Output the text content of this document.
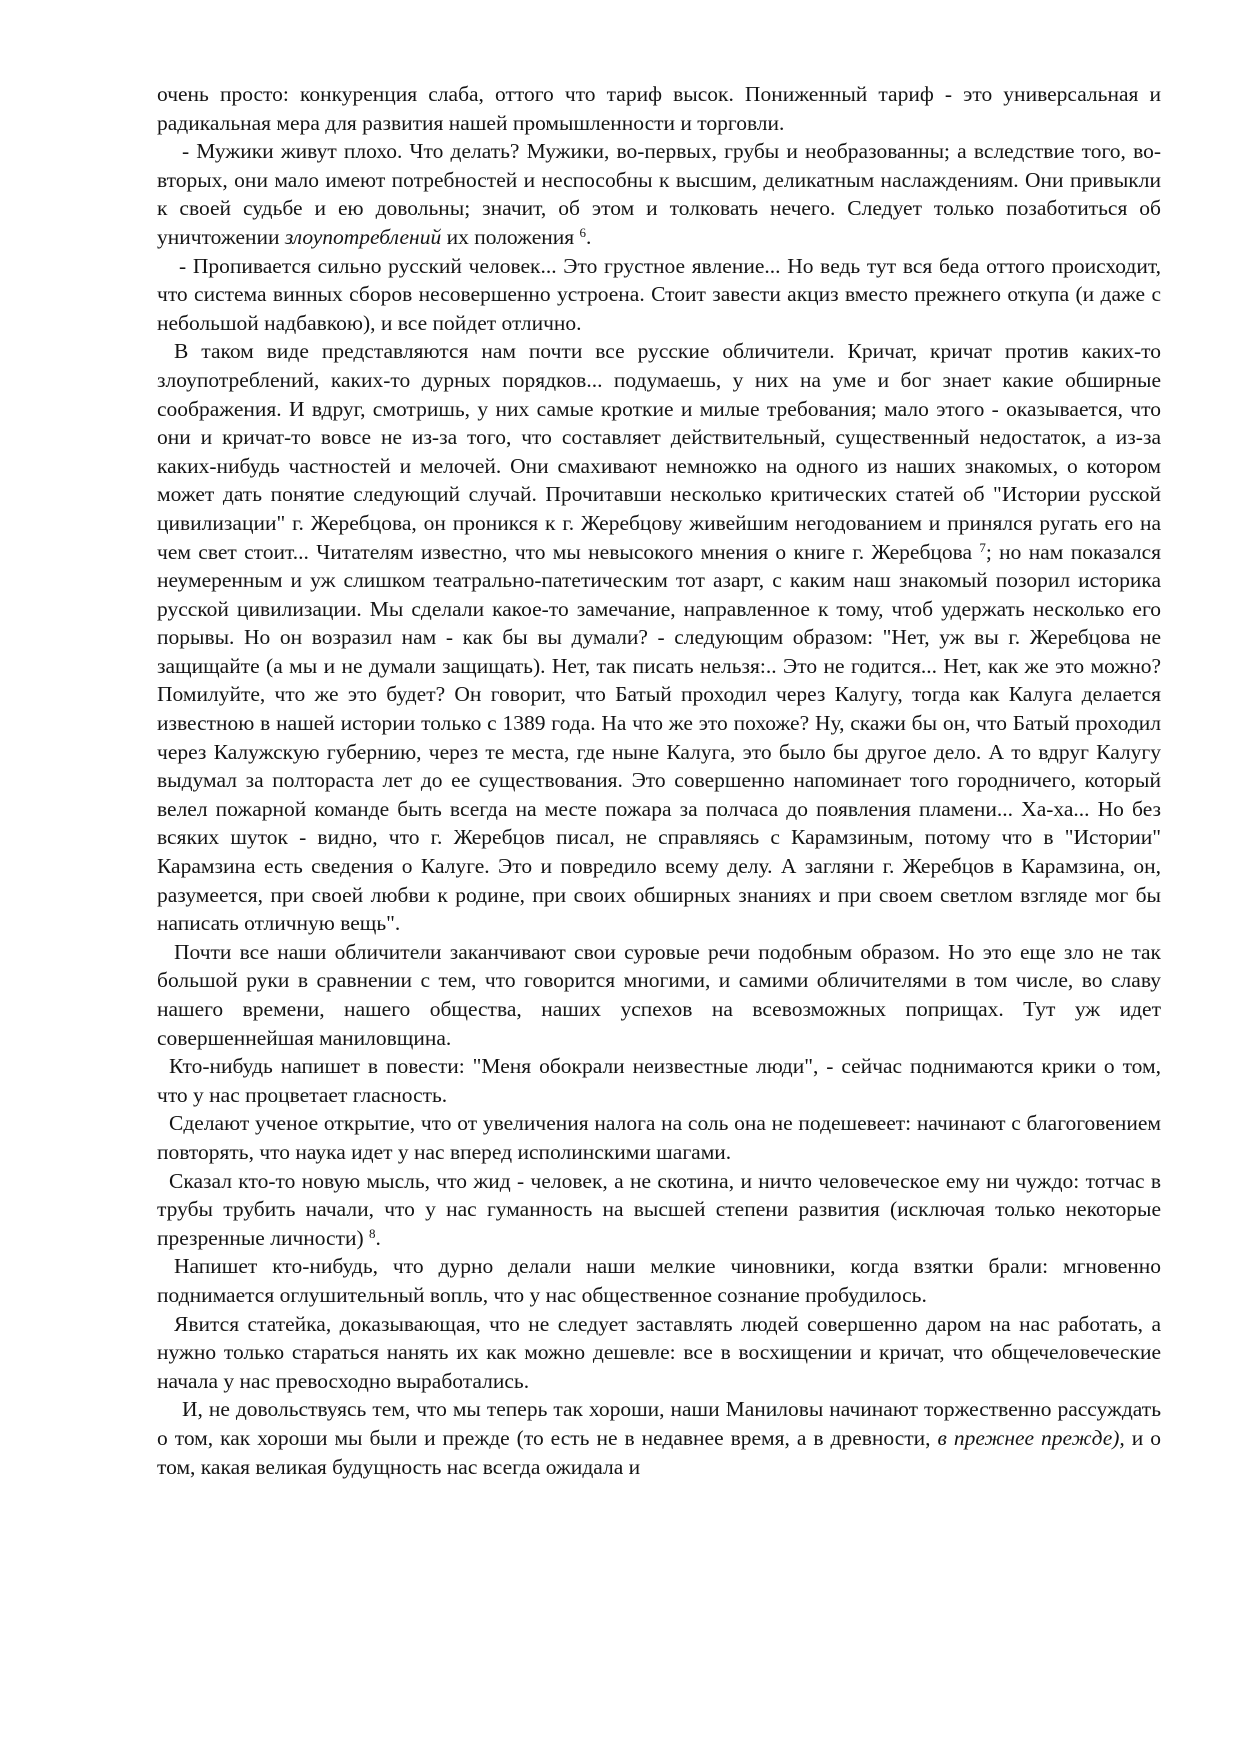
очень просто: конкуренция слаба, оттого что тариф высок. Пониженный тариф - это универсальная и радикальная мера для развития нашей промышленности и торговли.

- Мужики живут плохо. Что делать? Мужики, во-первых, грубы и необразованны; а вследствие того, во-вторых, они мало имеют потребностей и неспособны к высшим, деликатным наслаждениям. Они привыкли к своей судьбе и ею довольны; значит, об этом и толковать нечего. Следует только позаботиться об уничтожении злоупотреблений их положения $^6$.

- Пропивается сильно русский человек... Это грустное явление... Но ведь тут вся беда оттого происходит, что система винных сборов несовершенно устроена. Стоит завести акциз вместо прежнего откупа (и даже с небольшой надбавкою), и все пойдет отлично.

В таком виде представляются нам почти все русские обличители. Кричат, кричат против каких-то злоупотреблений, каких-то дурных порядков... подумаешь, у них на уме и бог знает какие обширные соображения. И вдруг, смотришь, у них самые кроткие и милые требования; мало этого - оказывается, что они и кричат-то вовсе не из-за того, что составляет действительный, существенный недостаток, а из-за каких-нибудь частностей и мелочей. Они смахивают немножко на одного из наших знакомых, о котором может дать понятие следующий случай. Прочитавши несколько критических статей об "Истории русской цивилизации" г. Жеребцова, он проникся к г. Жеребцову живейшим негодованием и принялся ругать его на чем свет стоит... Читателям известно, что мы невысокого мнения о книге г. Жеребцова $^7$; но нам показался неумеренным и уж слишком театрально-патетическим тот азарт, с каким наш знакомый позорил историка русской цивилизации. Мы сделали какое-то замечание, направленное к тому, чтоб удержать несколько его порывы. Но он возразил нам - как бы вы думали? - следующим образом: "Нет, уж вы г. Жеребцова не защищайте (а мы и не думали защищать). Нет, так писать нельзя:.. Это не годится... Нет, как же это можно? Помилуйте, что же это будет? Он говорит, что Батый проходил через Калугу, тогда как Калуга делается известною в нашей истории только с 1389 года. На что же это похоже? Ну, скажи бы он, что Батый проходил через Калужскую губернию, через те места, где ныне Калуга, это было бы другое дело. А то вдруг Калугу выдумал за полтораста лет до ее существования. Это совершенно напоминает того городничего, который велел пожарной команде быть всегда на месте пожара за полчаса до появления пламени... Ха-ха... Но без всяких шуток - видно, что г. Жеребцов писал, не справляясь с Карамзиным, потому что в "Истории" Карамзина есть сведения о Калуге. Это и повредило всему делу. А загляни г. Жеребцов в Карамзина, он, разумеется, при своей любви к родине, при своих обширных знаниях и при своем светлом взгляде мог бы написать отличную вещь".

Почти все наши обличители заканчивают свои суровые речи подобным образом. Но это еще зло не так большой руки в сравнении с тем, что говорится многими, и самими обличителями в том числе, во славу нашего времени, нашего общества, наших успехов на всевозможных поприщах. Тут уж идет совершеннейшая маниловщина.

Кто-нибудь напишет в повести: "Меня обокрали неизвестные люди", - сейчас поднимаются крики о том, что у нас процветает гласность.

Сделают ученое открытие, что от увеличения налога на соль она не подешевеет: начинают с благоговением повторять, что наука идет у нас вперед исполинскими шагами.

Сказал кто-то новую мысль, что жид - человек, а не скотина, и ничто человеческое ему ни чуждо: тотчас в трубы трубить начали, что у нас гуманность на высшей степени развития (исключая только некоторые презренные личности) $^8$.

Напишет кто-нибудь, что дурно делали наши мелкие чиновники, когда взятки брали: мгновенно поднимается оглушительный вопль, что у нас общественное сознание пробудилось.

Явится статейка, доказывающая, что не следует заставлять людей совершенно даром на нас работать, а нужно только стараться нанять их как можно дешевле: все в восхищении и кричат, что общечеловеческие начала у нас превосходно выработались.

И, не довольствуясь тем, что мы теперь так хороши, наши Маниловы начинают торжественно рассуждать о том, как хороши мы были и прежде (то есть не в недавнее время, а в древности, в прежнее прежде), и о том, какая великая будущность нас всегда ожидала и
